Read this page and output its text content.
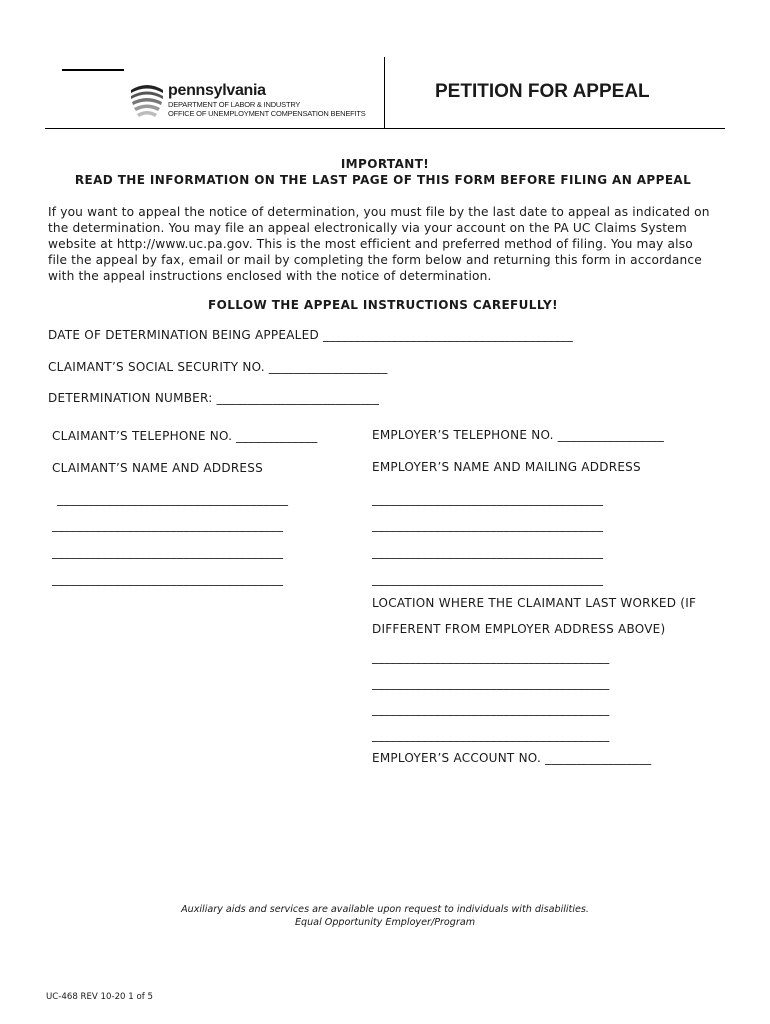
pennsylvania
DEPARTMENT OF LABOR & INDUSTRY
OFFICE OF UNEMPLOYMENT COMPENSATION BENEFITS
PETITION FOR APPEAL
IMPORTANT!
READ THE INFORMATION ON THE LAST PAGE OF THIS FORM BEFORE FILING AN APPEAL
If you want to appeal the notice of determination, you must file by the last date to appeal as indicated on
the determination. You may file an appeal electronically via your account on the PA UC Claims System
website at http://www.uc.pa.gov. This is the most efficient and preferred method of filing. You may also
file the appeal by fax, email or mail by completing the form below and returning this form in accordance
with the appeal instructions enclosed with the notice of determination.
FOLLOW THE APPEAL INSTRUCTIONS CAREFULLY!
DATE OF DETERMINATION BEING APPEALED ________________________________________
CLAIMANT’S SOCIAL SECURITY NO. ___________________
DETERMINATION NUMBER: __________________________
CLAIMANT’S TELEPHONE NO. _____________	EMPLOYER’S TELEPHONE NO. _________________
CLAIMANT’S NAME AND ADDRESS	EMPLOYER’S NAME AND MAILING ADDRESS
_____________________________________
_____________________________________
_____________________________________
_____________________________________
_____________________________________
_____________________________________
_____________________________________
_____________________________________
LOCATION WHERE THE CLAIMANT LAST WORKED (IF
DIFFERENT FROM EMPLOYER ADDRESS ABOVE)
______________________________________
______________________________________
______________________________________
______________________________________
EMPLOYER’S ACCOUNT NO. _________________
Auxiliary aids and services are available upon request to individuals with disabilities.
Equal Opportunity Employer/Program
UC-468 REV 10-20 1 of 5
